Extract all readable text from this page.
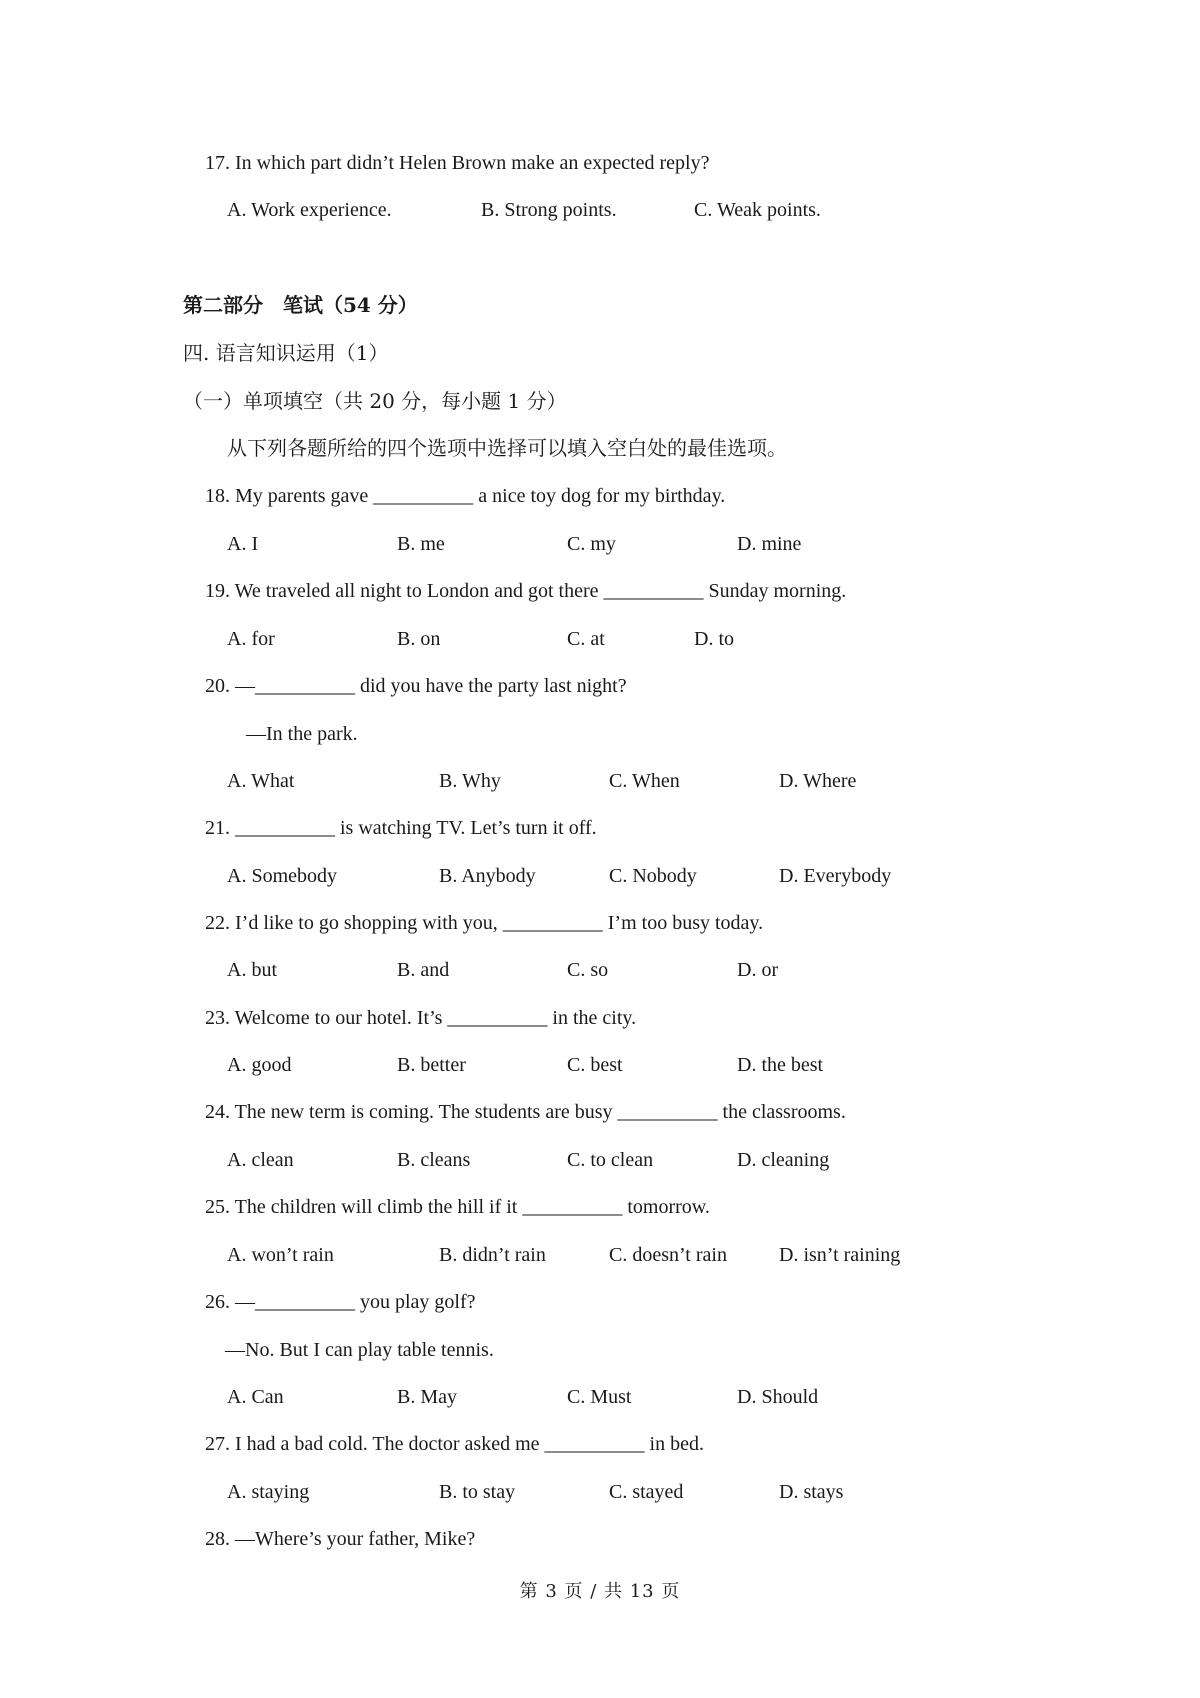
17. In which part didn’t Helen Brown make an expected reply?
A. Work experience.	B. Strong points.	C. Weak points.
第二部分　笔试（54 分）
四. 语言知识运用（1）
（一）单项填空（共 20 分，每小题 1 分）
从下列各题所给的四个选项中选择可以填入空白处的最佳选项。
18. My parents gave __________ a nice toy dog for my birthday.
A. I	B. me	C. my	D. mine
19. We traveled all night to London and got there __________ Sunday morning.
A. for	B. on	C. at	D. to
20. —__________ did you have the party last night?
—In the park.
A. What	B. Why	C. When	D. Where
21. __________ is watching TV. Let’s turn it off.
A. Somebody	B. Anybody	C. Nobody	D. Everybody
22. I’d like to go shopping with you, __________ I’m too busy today.
A. but	B. and	C. so	D. or
23. Welcome to our hotel. It’s __________ in the city.
A. good	B. better	C. best	D. the best
24. The new term is coming. The students are busy __________ the classrooms.
A. clean	B. cleans	C. to clean	D. cleaning
25. The children will climb the hill if it __________ tomorrow.
A. won’t rain	B. didn’t rain	C. doesn’t rain	D. isn’t raining
26. —__________ you play golf?
—No. But I can play table tennis.
A. Can	B. May	C. Must	D. Should
27. I had a bad cold. The doctor asked me __________ in bed.
A. staying	B. to stay	C. stayed	D. stays
28. —Where’s your father, Mike?
第 3 页 / 共 13 页
